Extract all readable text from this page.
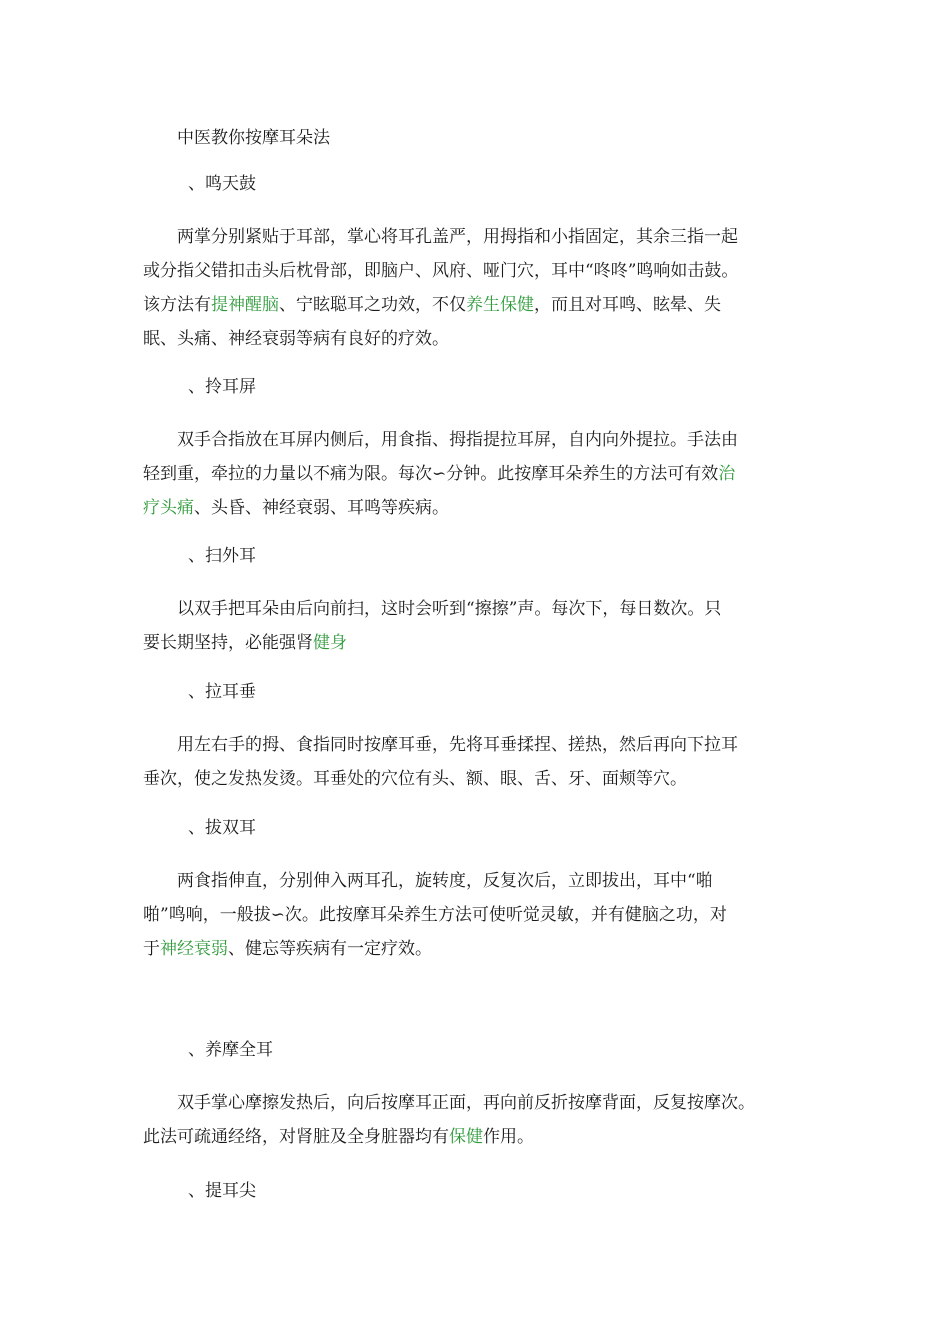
中医教你按摩耳朵法
、鸣天鼓
两掌分别紧贴于耳部，掌心将耳孔盖严，用拇指和小指固定，其余三指一起
或分指父错扣击头后枕骨部，即脑户、风府、哑门穴，耳中“咚咚”鸣响如击鼓。
该方法有提神醒脑、宁眩聪耳之功效，不仅养生保健，而且对耳鸣、眩晕、失
眠、头痛、神经衰弱等病有良好的疗效。
、拎耳屏
双手合指放在耳屏内侧后，用食指、拇指提拉耳屏，自内向外提拉。手法由
轻到重，牵拉的力量以不痛为限。每次∽分钟。此按摩耳朵养生的方法可有效治
疗头痛、头昏、神经衰弱、耳鸣等疾病。
、扫外耳
以双手把耳朵由后向前扫，这时会听到“擦擦”声。每次下，每日数次。只
要长期坚持，必能强肾健身
、拉耳垂
用左右手的拇、食指同时按摩耳垂，先将耳垂揉捏、搓热，然后再向下拉耳
垂次，使之发热发烫。耳垂处的穴位有头、额、眼、舌、牙、面颊等穴。
、拔双耳
两食指伸直，分别伸入两耳孔，旋转度，反复次后，立即拔出，耳中“啪
啪”鸣响，一般拔∽次。此按摩耳朵养生方法可使听觉灵敏，并有健脑之功，对
于神经衰弱、健忘等疾病有一定疗效。
、养摩全耳
双手掌心摩擦发热后，向后按摩耳正面，再向前反折按摩背面，反复按摩次。
此法可疏通经络，对肾脏及全身脏器均有保健作用。
、提耳尖
